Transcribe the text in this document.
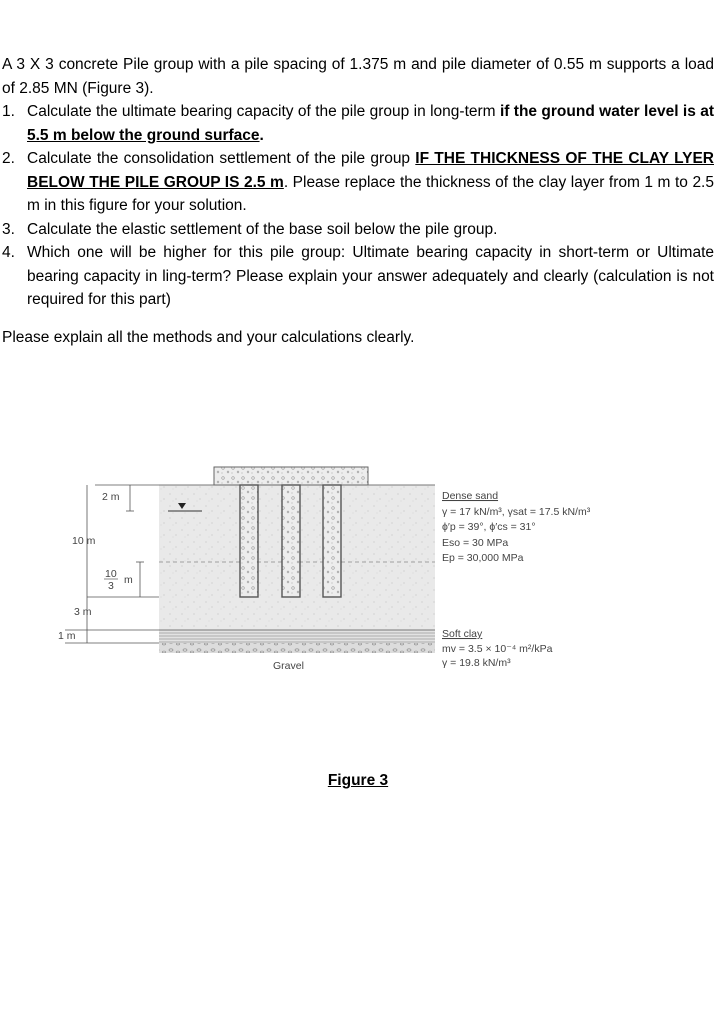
A 3 X 3 concrete Pile group with a pile spacing of 1.375 m and pile diameter of 0.55 m supports a load of 2.85 MN (Figure 3).
1. Calculate the ultimate bearing capacity of the pile group in long-term if the ground water level is at 5.5 m below the ground surface.
2. Calculate the consolidation settlement of the pile group IF THE THICKNESS OF THE CLAY LYER BELOW THE PILE GROUP IS 2.5 m. Please replace the thickness of the clay layer from 1 m to 2.5 m in this figure for your solution.
3. Calculate the elastic settlement of the base soil below the pile group.
4. Which one will be higher for this pile group: Ultimate bearing capacity in short-term or Ultimate bearing capacity in ling-term? Please explain your answer adequately and clearly (calculation is not required for this part)
Please explain all the methods and your calculations clearly.
2 m
10 m
10
3 m
3 m
1 m
Dense sand
γ = 17 kN/m³, γsat = 17.5 kN/m³
ϕ′p = 39°, ϕ′cs = 31°
Eso = 30 MPa
Ep = 30,000 MPa
Soft clay
mv = 3.5 × 10⁻⁴ m²/kPa
γ = 19.8 kN/m³
Gravel
Figure 3
